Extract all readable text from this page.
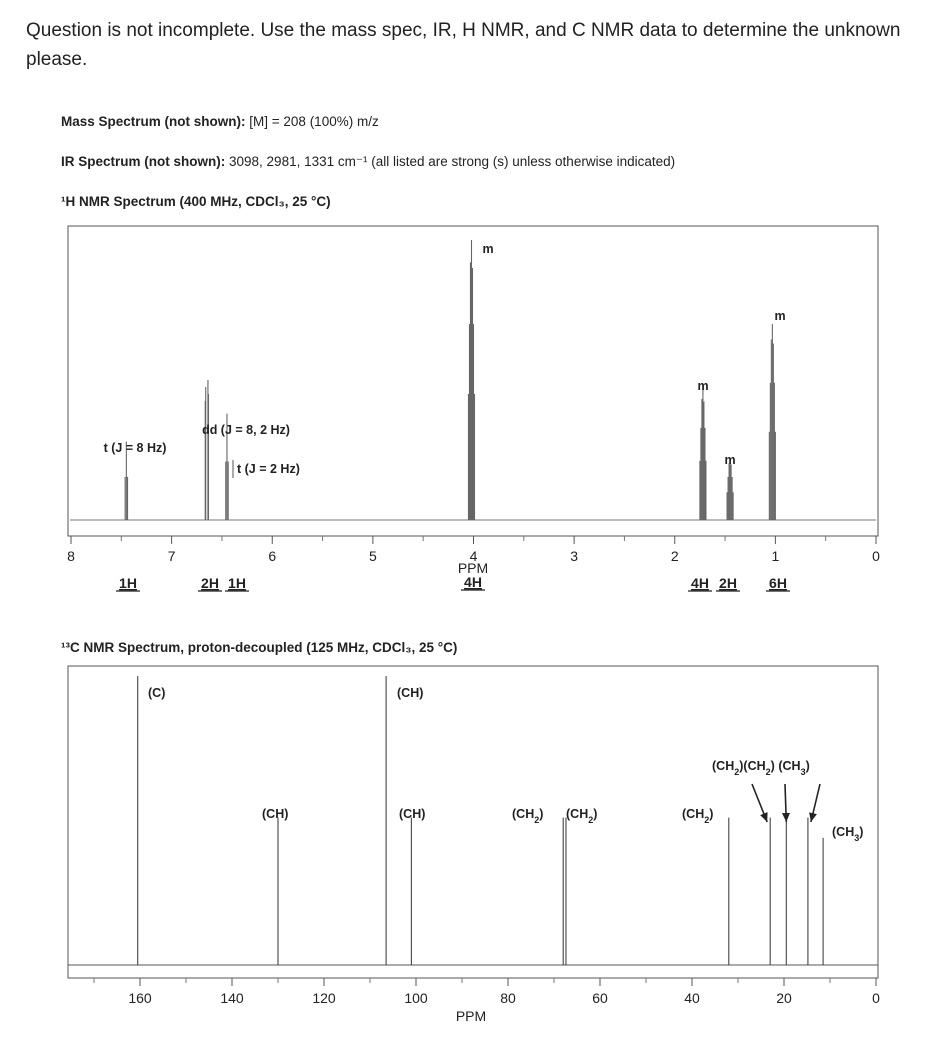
Question is not incomplete. Use the mass spec, IR, H NMR, and C NMR data to determine the unknown please.
Mass Spectrum (not shown): [M] = 208 (100%) m/z
IR Spectrum (not shown): 3098, 2981, 1331 cm⁻¹ (all listed are strong (s) unless otherwise indicated)
¹H NMR Spectrum (400 MHz, CDCl₃, 25 °C)
¹³C NMR Spectrum, proton-decoupled (125 MHz, CDCl₃, 25 °C)
8	7	6	5	4	3	2	1	0
PPM
t (J = 8 Hz)
dd (J = 8, 2 Hz)
t (J = 2 Hz)
m
m
m
m
1H	2H 1H	4H	4H 2H 6H
160	140	120	100	80	60	40	20	0
PPM
(C)
(CH)
(CH)
(CH)	$(CH_2)$ $(CH_2)$	$(CH_2)$
$(CH_3)$
$(CH_2)(CH_2)$ $(CH_3)$
